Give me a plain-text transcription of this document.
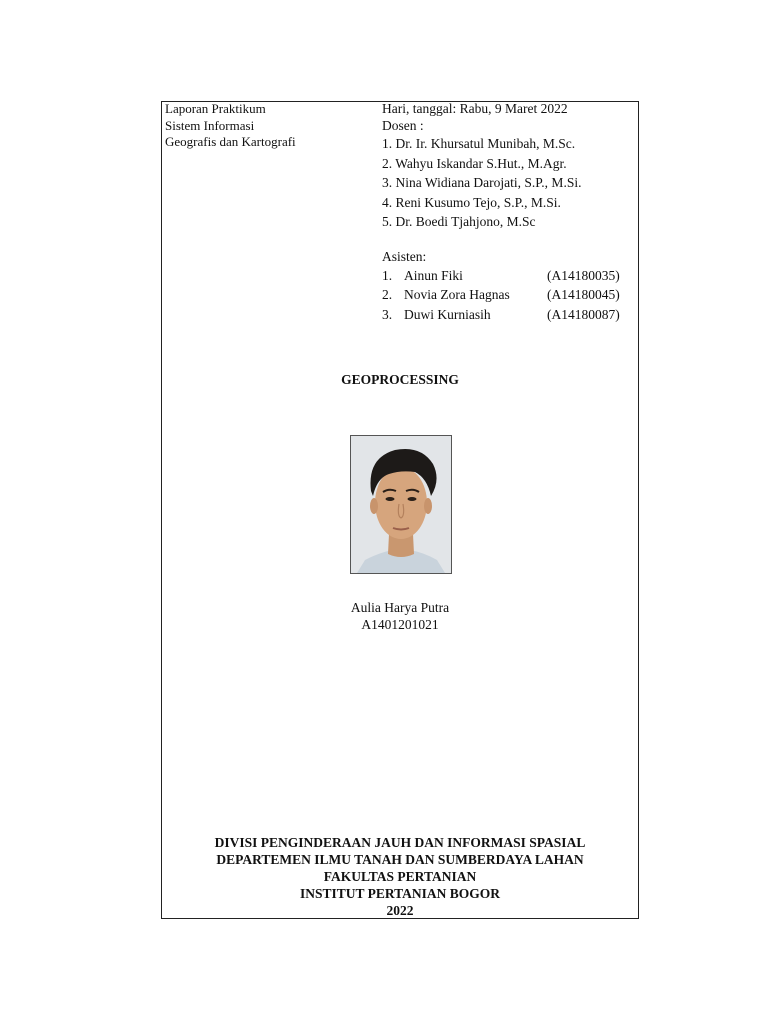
Laporan Praktikum
Sistem Informasi
Geografis dan Kartografi
Hari, tanggal: Rabu, 9 Maret 2022
Dosen :
1. Dr. Ir. Khursatul Munibah, M.Sc.
2. Wahyu Iskandar S.Hut., M.Agr.
3. Nina Widiana Darojati, S.P., M.Si.
4. Reni Kusumo Tejo, S.P., M.Si.
5. Dr. Boedi Tjahjono, M.Sc
Asisten:
1. Ainun Fiki	(A14180035)
2. Novia Zora Hagnas	(A14180045)
3. Duwi Kurniasih	(A14180087)
GEOPROCESSING
Aulia Harya Putra
A1401201021
DIVISI PENGINDERAAN JAUH DAN INFORMASI SPASIAL
DEPARTEMEN ILMU TANAH DAN SUMBERDAYA LAHAN
FAKULTAS PERTANIAN
INSTITUT PERTANIAN BOGOR
2022
